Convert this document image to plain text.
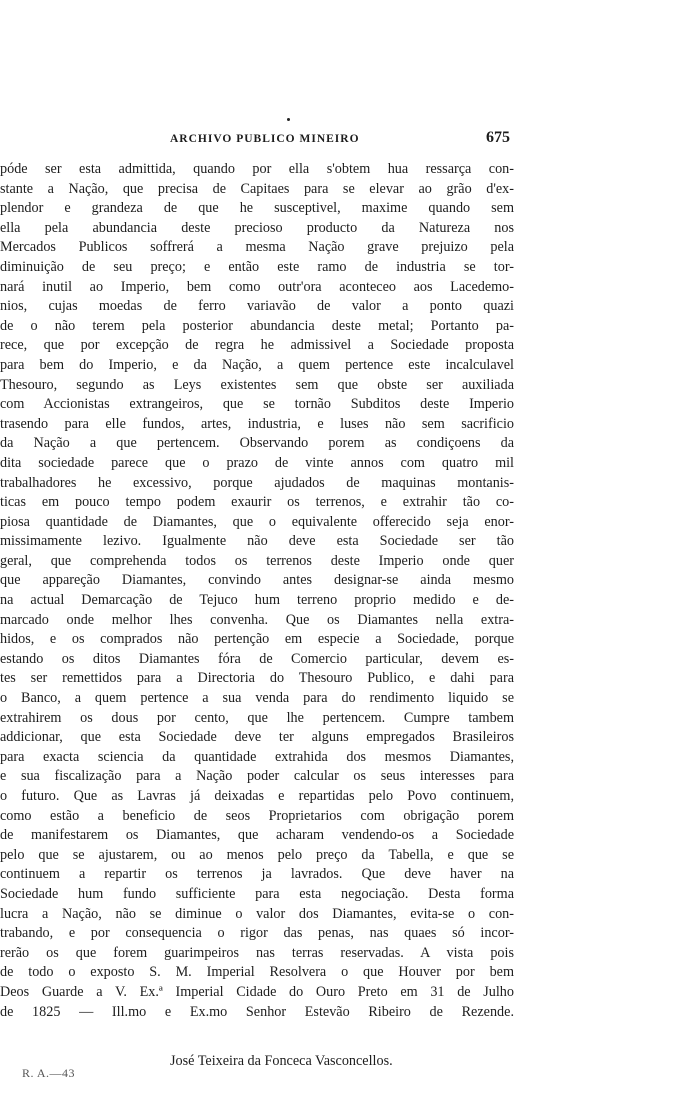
ARCHIVO PUBLICO MINEIRO	675
póde ser esta admittida, quando por ella s'obtem hua ressarça con-
stante a Nação, que precisa de Capitaes para se elevar ao grão d'ex-
plendor e grandeza de que he susceptivel, maxime quando sem
ella pela abundancia deste precioso producto da Natureza nos
Mercados Publicos soffrerá a mesma Nação grave prejuizo pela
diminuição de seu preço; e então este ramo de industria se tor-
nará inutil ao Imperio, bem como outr'ora aconteceo aos Lacedemo-
nios, cujas moedas de ferro variavão de valor a ponto quazi
de o não terem pela posterior abundancia deste metal; Portanto pa-
rece, que por excepção de regra he admissivel a Sociedade proposta
para bem do Imperio, e da Nação, a quem pertence este incalculavel
Thesouro, segundo as Leys existentes sem que obste ser auxiliada
com Accionistas extrangeiros, que se tornão Subditos deste Imperio
trasendo para elle fundos, artes, industria, e luses não sem sacrificio
da Nação a que pertencem. Observando porem as condiçoens da
dita sociedade parece que o prazo de vinte annos com quatro mil
trabalhadores he excessivo, porque ajudados de maquinas montanis-
ticas em pouco tempo podem exaurir os terrenos, e extrahir tão co-
piosa quantidade de Diamantes, que o equivalente offerecido seja enor-
missimamente lezivo. Igualmente não deve esta Sociedade ser tão
geral, que comprehenda todos os terrenos deste Imperio onde quer
que appareção Diamantes, convindo antes designar-se ainda mesmo
na actual Demarcação de Tejuco hum terreno proprio medido e de-
marcado onde melhor lhes convenha. Que os Diamantes nella extra-
hidos, e os comprados não pertenção em especie a Sociedade, porque
estando os ditos Diamantes fóra de Comercio particular, devem es-
tes ser remettidos para a Directoria do Thesouro Publico, e dahi para
o Banco, a quem pertence a sua venda para do rendimento liquido se
extrahirem os dous por cento, que lhe pertencem. Cumpre tambem
addicionar, que esta Sociedade deve ter alguns empregados Brasileiros
para exacta sciencia da quantidade extrahida dos mesmos Diamantes,
e sua fiscalização para a Nação poder calcular os seus interesses para
o futuro. Que as Lavras já deixadas e repartidas pelo Povo continuem,
como estão a beneficio de seos Proprietarios com obrigação porem
de manifestarem os Diamantes, que acharam vendendo-os a Sociedade
pelo que se ajustarem, ou ao menos pelo preço da Tabella, e que se
continuem a repartir os terrenos ja lavrados. Que deve haver na
Sociedade hum fundo sufficiente para esta negociação. Desta forma
lucra a Nação, não se diminue o valor dos Diamantes, evita-se o con-
trabando, e por consequencia o rigor das penas, nas quaes só incor-
rerão os que forem guarimpeiros nas terras reservadas. A vista pois
de todo o exposto S. M. Imperial Resolvera o que Houver por bem
Deos Guarde a V. Ex.ª Imperial Cidade do Ouro Preto em 31 de Julho
de 1825 — Ill.mo e Ex.mo Senhor Estevão Ribeiro de Rezende.
José Teixeira da Fonceca Vasconcellos.
R. A.—43
